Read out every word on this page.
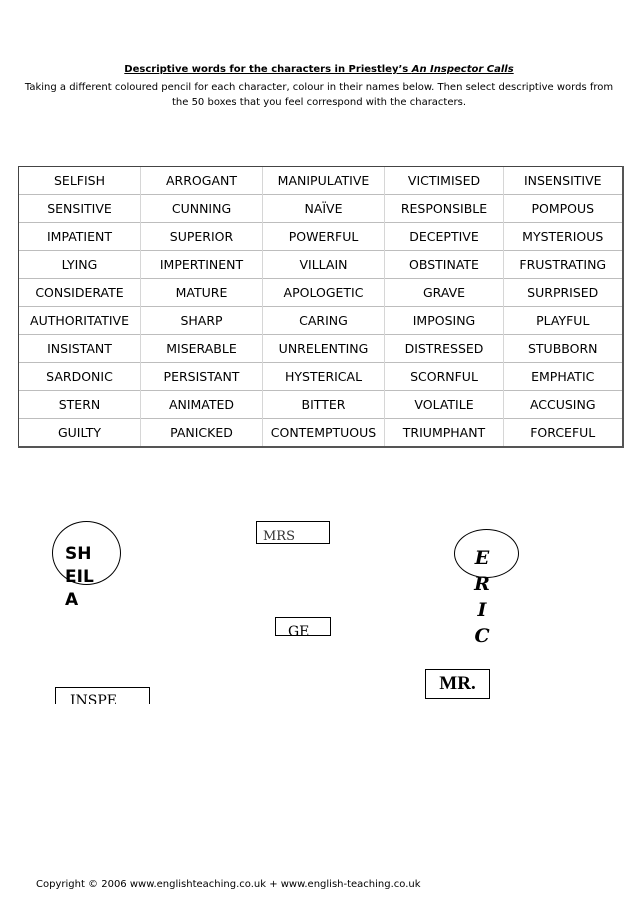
Descriptive words for the characters in Priestley’s An Inspector Calls
Taking a different coloured pencil for each character, colour in their names below. Then select descriptive words from the 50 boxes that you feel correspond with the characters.
SELFISH	ARROGANT	MANIPULATIVE	VICTIMISED	INSENSITIVE
SENSITIVE	CUNNING	NAÏVE	RESPONSIBLE	POMPOUS
IMPATIENT	SUPERIOR	POWERFUL	DECEPTIVE	MYSTERIOUS
LYING	IMPERTINENT	VILLAIN	OBSTINATE	FRUSTRATING
CONSIDERATE	MATURE	APOLOGETIC	GRAVE	SURPRISED
AUTHORITATIVE	SHARP	CARING	IMPOSING	PLAYFUL
INSISTANT	MISERABLE	UNRELENTING	DISTRESSED	STUBBORN
SARDONIC	PERSISTANT	HYSTERICAL	SCORNFUL	EMPHATIC
STERN	ANIMATED	BITTER	VOLATILE	ACCUSING
GUILTY	PANICKED	CONTEMPTUOUS	TRIUMPHANT	FORCEFUL
SH
EIL
A
MRS
E
R
I
C
GE
MR.
INSPE
Copyright © 2006 www.englishteaching.co.uk + www.english-teaching.co.uk
